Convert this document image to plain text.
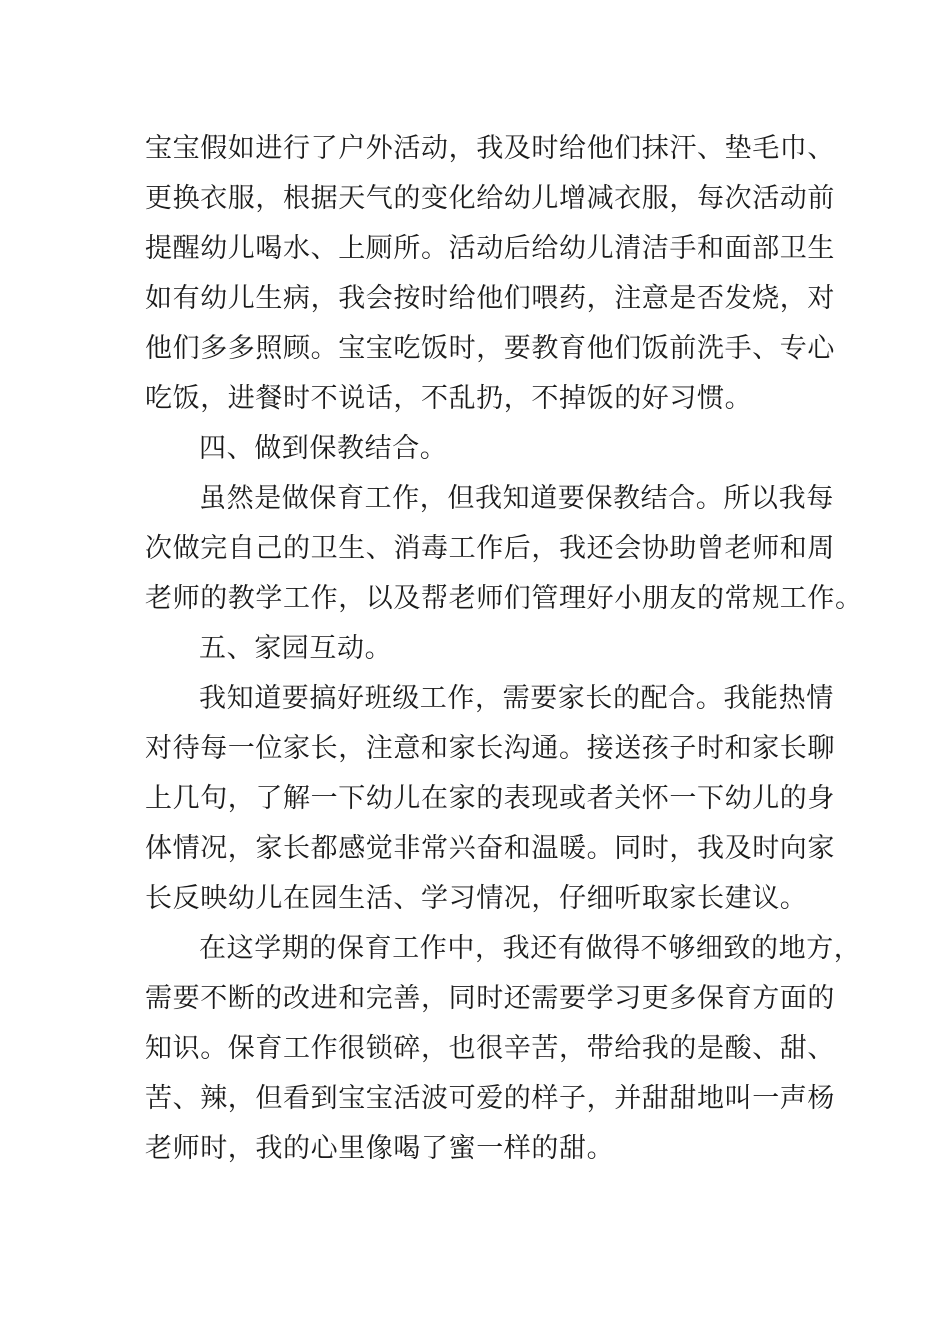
宝宝假如进行了户外活动，我及时给他们抹汗、垫毛巾、
更换衣服，根据天气的变化给幼儿增减衣服，每次活动前
提醒幼儿喝水、上厕所。活动后给幼儿清洁手和面部卫生
如有幼儿生病，我会按时给他们喂药，注意是否发烧，对
他们多多照顾。宝宝吃饭时，要教育他们饭前洗手、专心
吃饭，进餐时不说话，不乱扔，不掉饭的好习惯。
四、做到保教结合。
虽然是做保育工作，但我知道要保教结合。所以我每
次做完自己的卫生、消毒工作后，我还会协助曾老师和周
老师的教学工作，以及帮老师们管理好小朋友的常规工作。
五、家园互动。
我知道要搞好班级工作，需要家长的配合。我能热情
对待每一位家长，注意和家长沟通。接送孩子时和家长聊
上几句，了解一下幼儿在家的表现或者关怀一下幼儿的身
体情况，家长都感觉非常兴奋和温暖。同时，我及时向家
长反映幼儿在园生活、学习情况，仔细听取家长建议。
在这学期的保育工作中，我还有做得不够细致的地方，
需要不断的改进和完善，同时还需要学习更多保育方面的
知识。保育工作很锁碎，也很辛苦，带给我的是酸、甜、
苦、辣，但看到宝宝活波可爱的样子，并甜甜地叫一声杨
老师时，我的心里像喝了蜜一样的甜。
